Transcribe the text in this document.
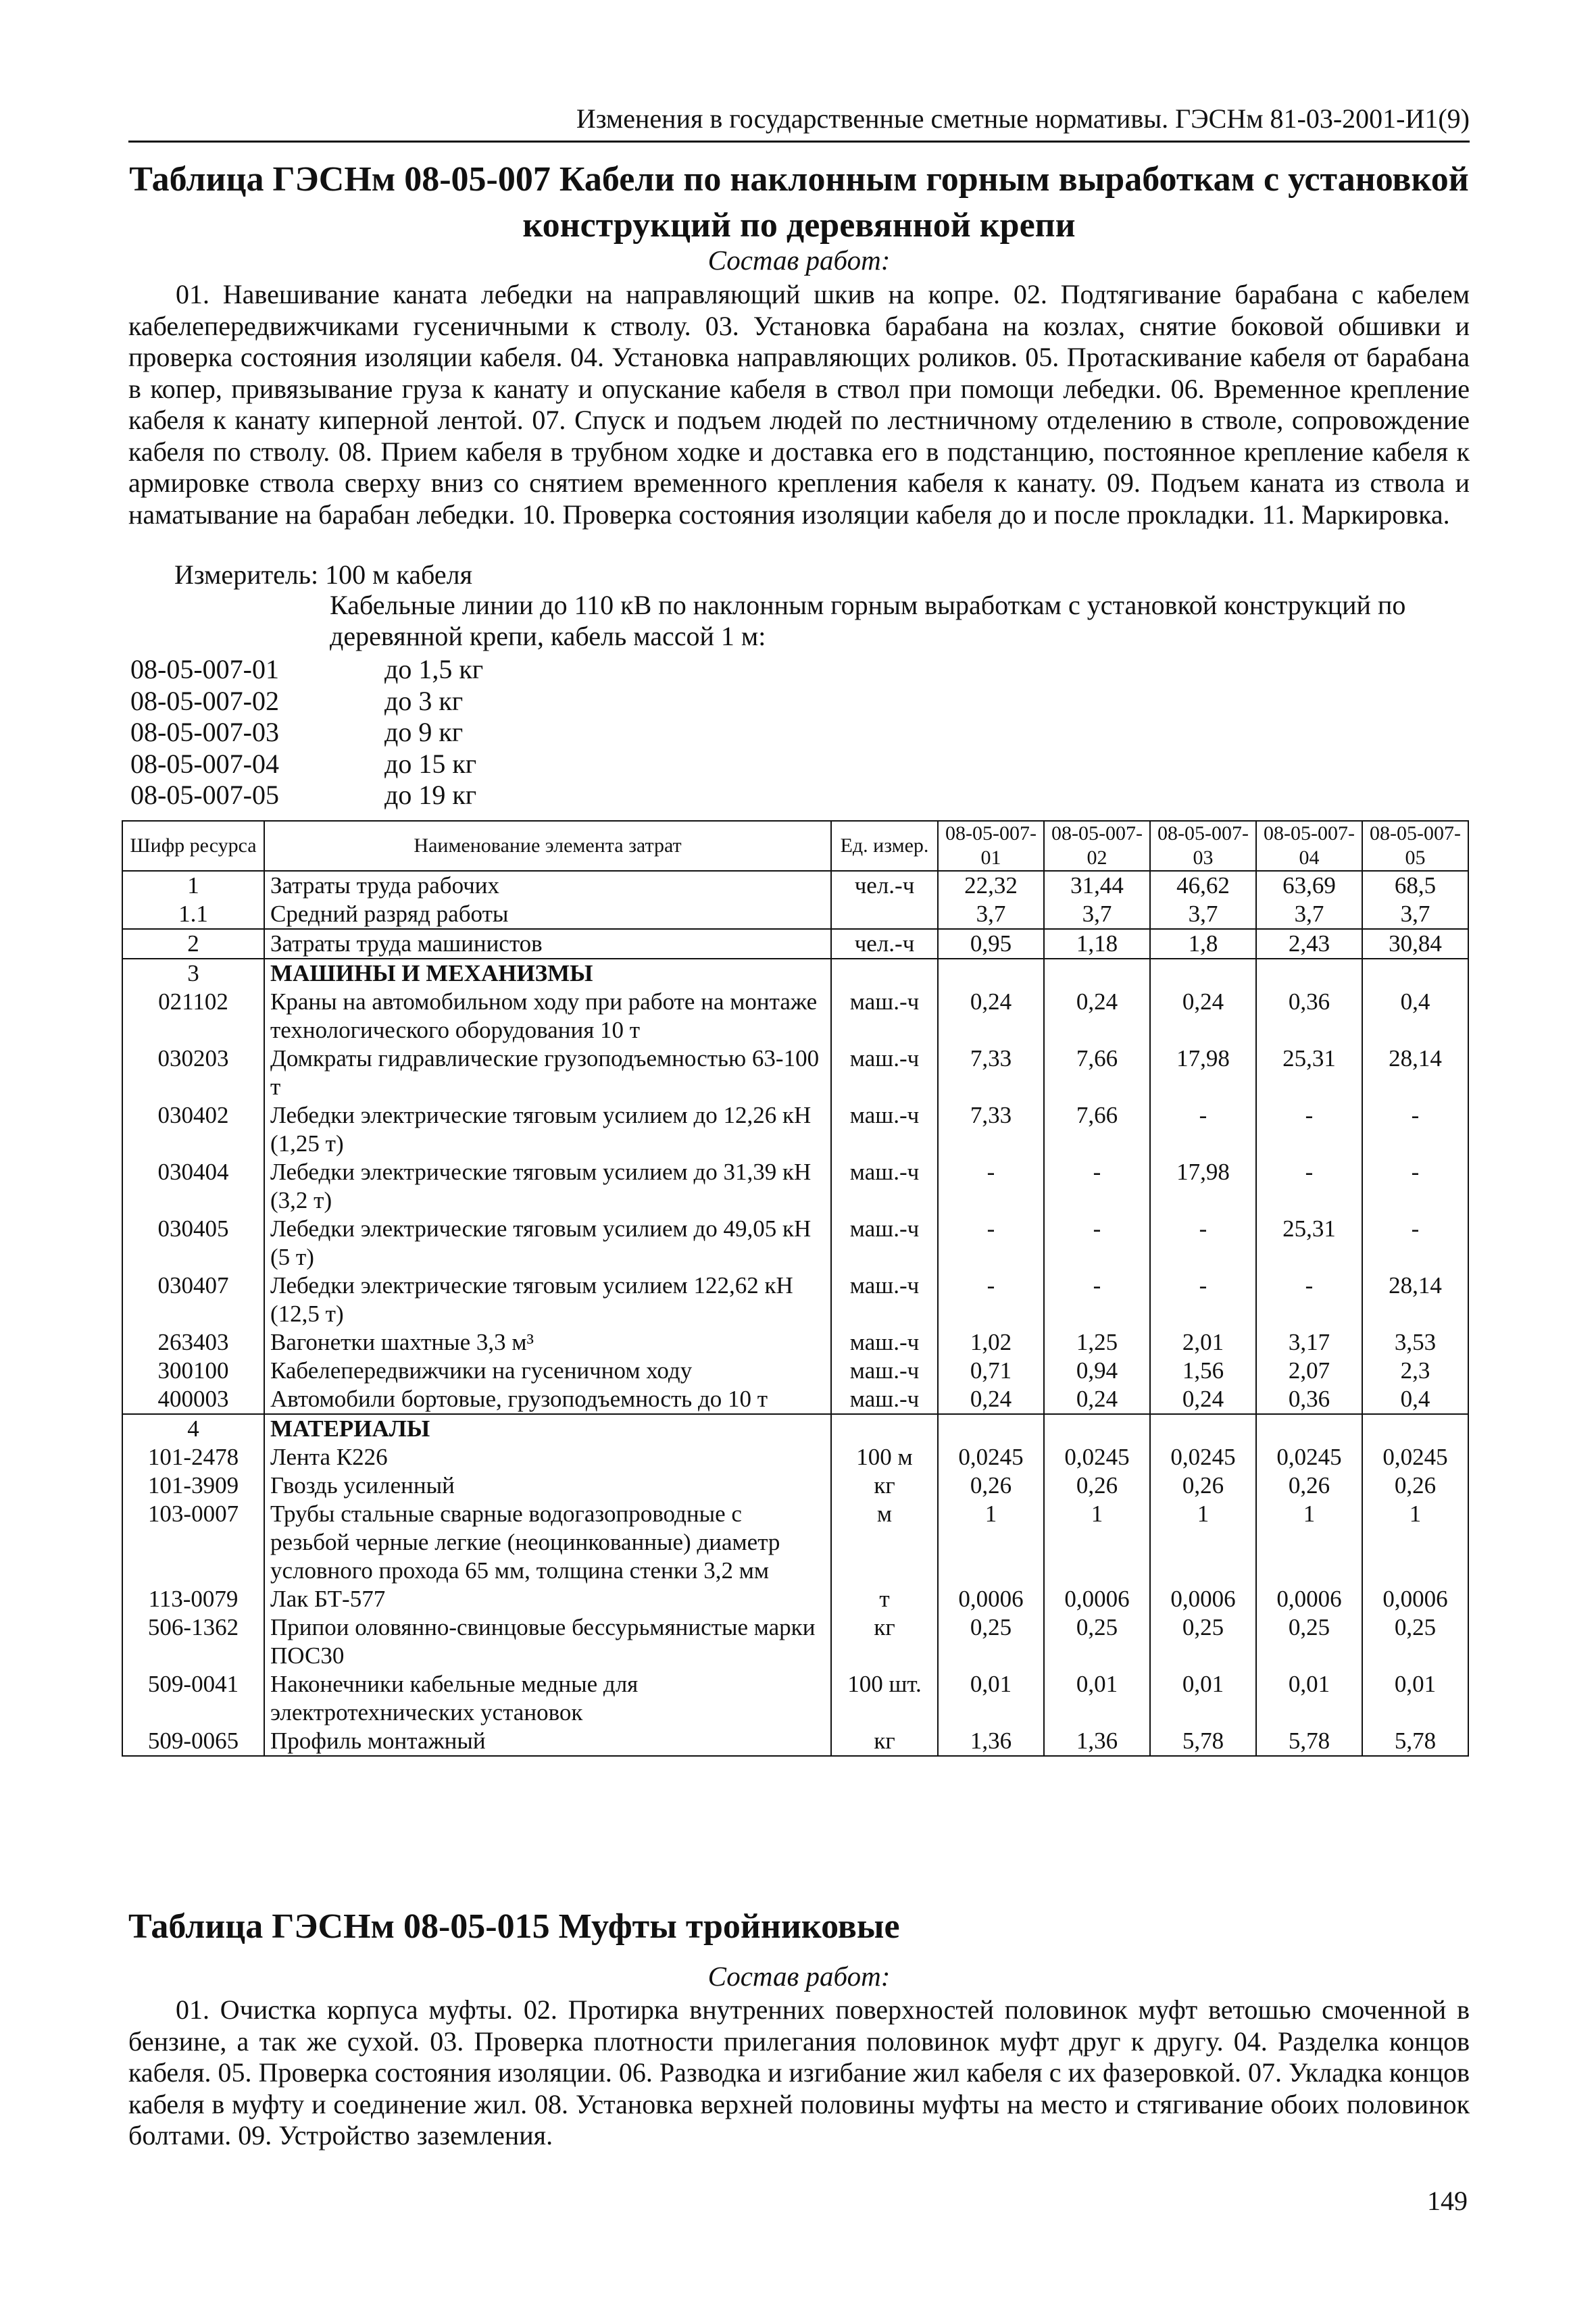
Изменения в государственные сметные нормативы. ГЭСНм 81-03-2001-И1(9)
Таблица ГЭСНм 08-05-007 Кабели по наклонным горным выработкам с установкой
конструкций по деревянной крепи
Состав работ:

01. Навешивание каната лебедки на направляющий шкив на копре. 02. Подтягивание барабана с кабелем кабелепередвижчиками гусеничными к стволу. 03. Установка барабана на козлах, снятие боковой обшивки и проверка состояния изоляции кабеля. 04. Установка направляющих роликов. 05. Протаскивание кабеля от барабана в копер, привязывание груза к канату и опускание кабеля в ствол при помощи лебедки. 06. Временное крепление кабеля к канату киперной лентой. 07. Спуск и подъем людей по лестничному отделению в стволе, сопровождение кабеля по стволу. 08. Прием кабеля в трубном ходке и доставка его в подстанцию, постоянное крепление кабеля к армировке ствола сверху вниз со снятием временного крепления кабеля к канату. 09. Подъем каната из ствола и наматывание на барабан лебедки. 10. Проверка состояния изоляции кабеля до и после прокладки. 11. Маркировка.

Измеритель: 100 м кабеля
Кабельные линии до 110 кВ по наклонным горным выработкам с установкой конструкций по деревянной крепи, кабель массой 1 м:
08-05-007-01	до 1,5 кг
08-05-007-02	до 3 кг
08-05-007-03	до 9 кг
08-05-007-04	до 15 кг
08-05-007-05	до 19 кг
Шифр ресурса	Наименование элемента затрат	Ед. измер.	08-05-007-01	08-05-007-02	08-05-007-03	08-05-007-04	08-05-007-05
1	Затраты труда рабочих	чел.-ч	22,32	31,44	46,62	63,69	68,5
1.1	Средний разряд работы		3,7	3,7	3,7	3,7	3,7
2	Затраты труда машинистов	чел.-ч	0,95	1,18	1,8	2,43	30,84
3	МАШИНЫ И МЕХАНИЗМЫ						
021102	Краны на автомобильном ходу при работе на монтаже технологического оборудования 10 т	маш.-ч	0,24	0,24	0,24	0,36	0,4
030203	Домкраты гидравлические грузоподъемностью 63-100 т	маш.-ч	7,33	7,66	17,98	25,31	28,14
030402	Лебедки электрические тяговым усилием до 12,26 кН (1,25 т)	маш.-ч	7,33	7,66	-	-	-
030404	Лебедки электрические тяговым усилием до 31,39 кН (3,2 т)	маш.-ч	-	-	17,98	-	-
030405	Лебедки электрические тяговым усилием до 49,05 кН (5 т)	маш.-ч	-	-	-	25,31	-
030407	Лебедки электрические тяговым усилием 122,62 кН (12,5 т)	маш.-ч	-	-	-	-	28,14
263403	Вагонетки шахтные 3,3 м³	маш.-ч	1,02	1,25	2,01	3,17	3,53
300100	Кабелепередвижчики на гусеничном ходу	маш.-ч	0,71	0,94	1,56	2,07	2,3
400003	Автомобили бортовые, грузоподъемность до 10 т	маш.-ч	0,24	0,24	0,24	0,36	0,4
4	МАТЕРИАЛЫ						
101-2478	Лента К226	100 м	0,0245	0,0245	0,0245	0,0245	0,0245
101-3909	Гвоздь усиленный	кг	0,26	0,26	0,26	0,26	0,26
103-0007	Трубы стальные сварные водогазопроводные с резьбой черные легкие (неоцинкованные) диаметр условного прохода 65 мм, толщина стенки 3,2 мм	м	1	1	1	1	1
113-0079	Лак БТ-577	т	0,0006	0,0006	0,0006	0,0006	0,0006
506-1362	Припои оловянно-свинцовые бессурьмянистые марки ПОС30	кг	0,25	0,25	0,25	0,25	0,25
509-0041	Наконечники кабельные медные для электротехнических установок	100 шт.	0,01	0,01	0,01	0,01	0,01
509-0065	Профиль монтажный	кг	1,36	1,36	5,78	5,78	5,78
Таблица ГЭСНм 08-05-015 Муфты тройниковые
Состав работ:

01. Очистка корпуса муфты. 02. Протирка внутренних поверхностей половинок муфт ветошью смоченной в бензине, а так же сухой. 03. Проверка плотности прилегания половинок муфт друг к другу. 04. Разделка концов кабеля. 05. Проверка состояния изоляции. 06. Разводка и изгибание жил кабеля с их фазеровкой. 07. Укладка концов кабеля в муфту и соединение жил. 08. Установка верхней половины муфты на место и стягивание обоих половинок болтами. 09. Устройство заземления.

149
